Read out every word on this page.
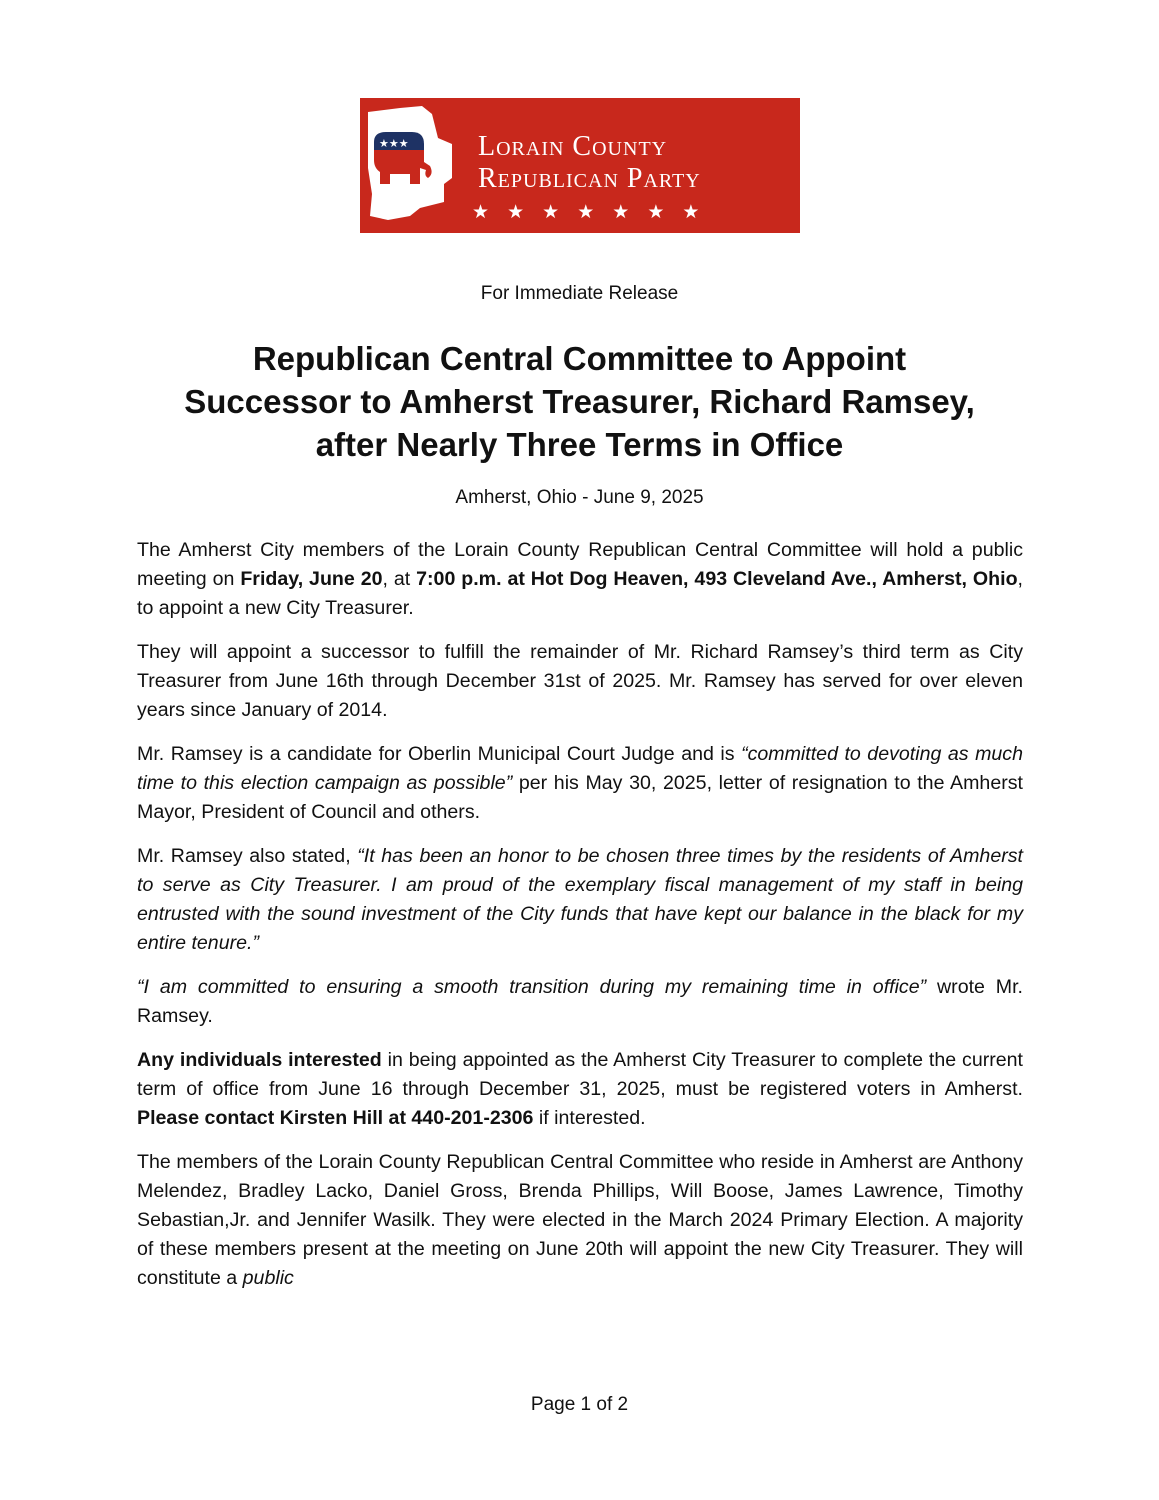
★★★ Lorain County
Republican Party
★ ★ ★ ★ ★ ★ ★
For Immediate Release
Republican Central Committee to Appoint
Successor to Amherst Treasurer, Richard Ramsey,
after Nearly Three Terms in Office
Amherst, Ohio - June 9, 2025

The Amherst City members of the Lorain County Republican Central Committee will hold a public meeting on Friday, June 20, at 7:00 p.m. at Hot Dog Heaven, 493 Cleveland Ave., Amherst, Ohio, to appoint a new City Treasurer.

They will appoint a successor to fulfill the remainder of Mr. Richard Ramsey’s third term as City Treasurer from June 16th through December 31st of 2025. Mr. Ramsey has served for over eleven years since January of 2014.

Mr. Ramsey is a candidate for Oberlin Municipal Court Judge and is “committed to devoting as much time to this election campaign as possible” per his May 30, 2025, letter of resignation to the Amherst Mayor, President of Council and others.

Mr. Ramsey also stated, “It has been an honor to be chosen three times by the residents of Amherst to serve as City Treasurer. I am proud of the exemplary fiscal management of my staff in being entrusted with the sound investment of the City funds that have kept our balance in the black for my entire tenure.”

“I am committed to ensuring a smooth transition during my remaining time in office” wrote Mr. Ramsey.

Any individuals interested in being appointed as the Amherst City Treasurer to complete the current term of office from June 16 through December 31, 2025, must be registered voters in Amherst.    Please contact Kirsten Hill at 440-201-2306 if interested.

The members of the Lorain County Republican Central Committee who reside in Amherst are Anthony Melendez, Bradley Lacko, Daniel Gross, Brenda Phillips, Will Boose, James Lawrence, Timothy Sebastian,Jr. and Jennifer Wasilk. They were elected in the March 2024 Primary Election. A majority of these members present at the meeting on June 20th will appoint the new City Treasurer. They will constitute a public

Page 1 of 2
